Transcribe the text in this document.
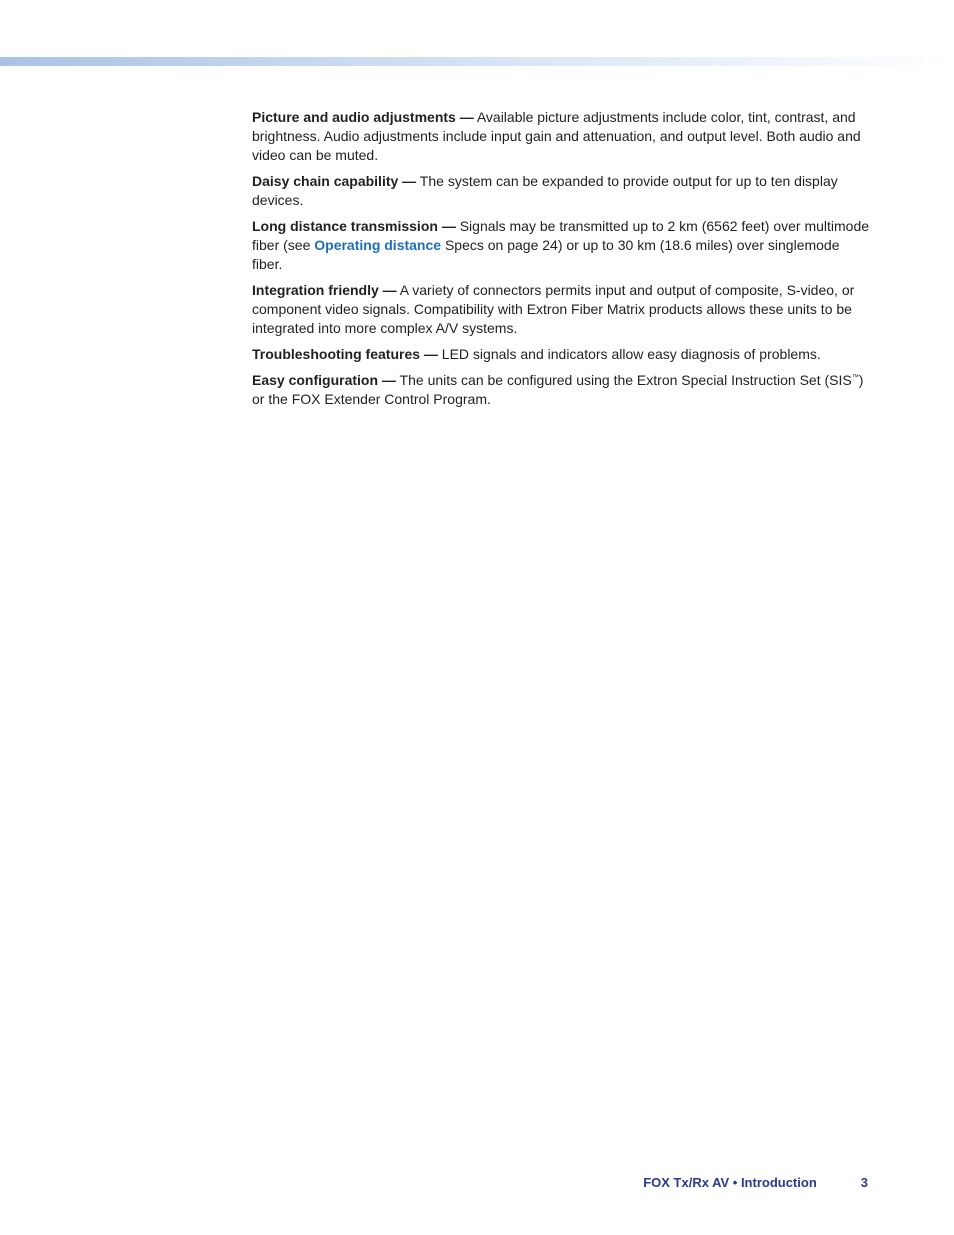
Picture and audio adjustments — Available picture adjustments include color, tint, contrast, and brightness. Audio adjustments include input gain and attenuation, and output level. Both audio and video can be muted.

Daisy chain capability — The system can be expanded to provide output for up to ten display devices.

Long distance transmission — Signals may be transmitted up to 2 km (6562 feet) over multimode fiber (see Operating distance Specs on page 24) or up to 30 km (18.6 miles) over singlemode fiber.

Integration friendly — A variety of connectors permits input and output of composite, S-video, or component video signals. Compatibility with Extron Fiber Matrix products allows these units to be integrated into more complex A/V systems.

Troubleshooting features — LED signals and indicators allow easy diagnosis of problems.

Easy configuration — The units can be configured using the Extron Special Instruction Set (SIS™) or the FOX Extender Control Program.

FOX Tx/Rx AV • Introduction	3
